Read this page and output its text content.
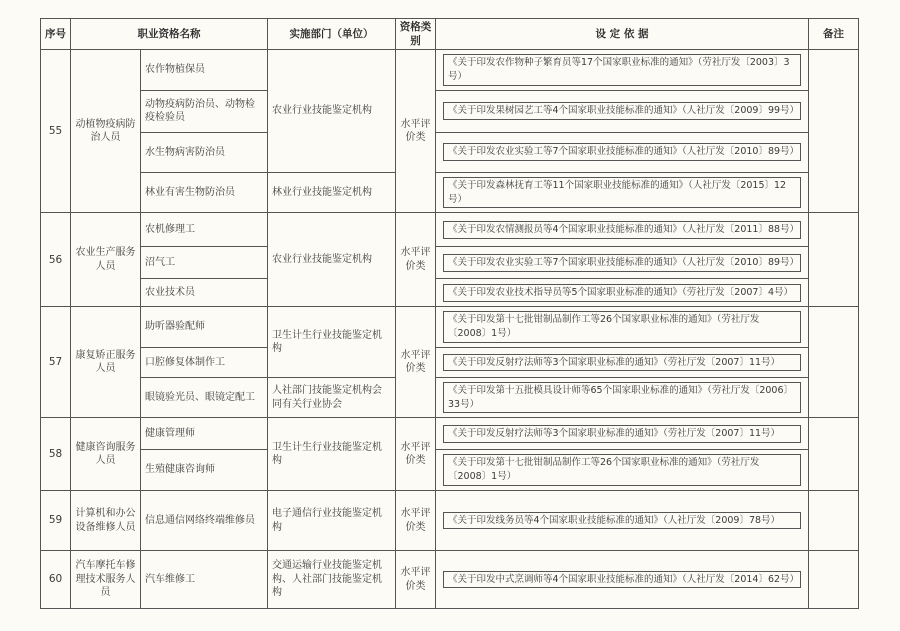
序号	职业资格名称		实施部门（单位）	资格类别	设 定 依 据	备注
55	动植物疫病防治人员	农作物植保员	农业行业技能鉴定机构	水平评价类	《关于印发农作物种子繁育员等17个国家职业标准的通知》（劳社厅发〔2003〕3号）	

		动物疫病防治员、动物检疫检验员			《关于印发果树园艺工等4个国家职业技能标准的通知》（人社厅发〔2009〕99号）	

		水生物病害防治员			《关于印发农业实验工等7个国家职业技能标准的通知》（人社厅发〔2010〕89号）	

		林业有害生物防治员	林业行业技能鉴定机构		《关于印发森林抚育工等11个国家职业技能标准的通知》（人社厅发〔2015〕12号）	

56	农业生产服务人员	农机修理工	农业行业技能鉴定机构	水平评价类	《关于印发农情测报员等4个国家职业技能标准的通知》（人社厅发〔2011〕88号）	

		沼气工			《关于印发农业实验工等7个国家职业技能标准的通知》（人社厅发〔2010〕89号）	

		农业技术员			《关于印发农业技术指导员等5个国家职业标准的通知》（劳社厅发〔2007〕4号）	

57	康复矫正服务人员	助听器验配师	卫生计生行业技能鉴定机构	水平评价类	《关于印发第十七批钳制品制作工等26个国家职业标准的通知》（劳社厅发〔2008〕1号）	

		口腔修复体制作工			《关于印发反射疗法师等3个国家职业标准的通知》（劳社厅发〔2007〕11号）	

		眼镜验光员、眼镜定配工	人社部门技能鉴定机构会同有关行业协会		《关于印发第十五批模具设计师等65个国家职业标准的通知》（劳社厅发〔2006〕33号）	

58	健康咨询服务人员	健康管理师	卫生计生行业技能鉴定机构	水平评价类	《关于印发反射疗法师等3个国家职业标准的通知》（劳社厅发〔2007〕11号）	

		生殖健康咨询师			《关于印发第十七批钳制品制作工等26个国家职业标准的通知》（劳社厅发〔2008〕1号）	

59	计算机和办公设备维修人员	信息通信网络终端维修员	电子通信行业技能鉴定机构	水平评价类	《关于印发线务员等4个国家职业技能标准的通知》（人社厅发〔2009〕78号）	

60	汽车摩托车修理技术服务人员	汽车维修工	交通运输行业技能鉴定机构、人社部门技能鉴定机构	水平评价类	《关于印发中式烹调师等4个国家职业技能标准的通知》（人社厅发〔2014〕62号）	
